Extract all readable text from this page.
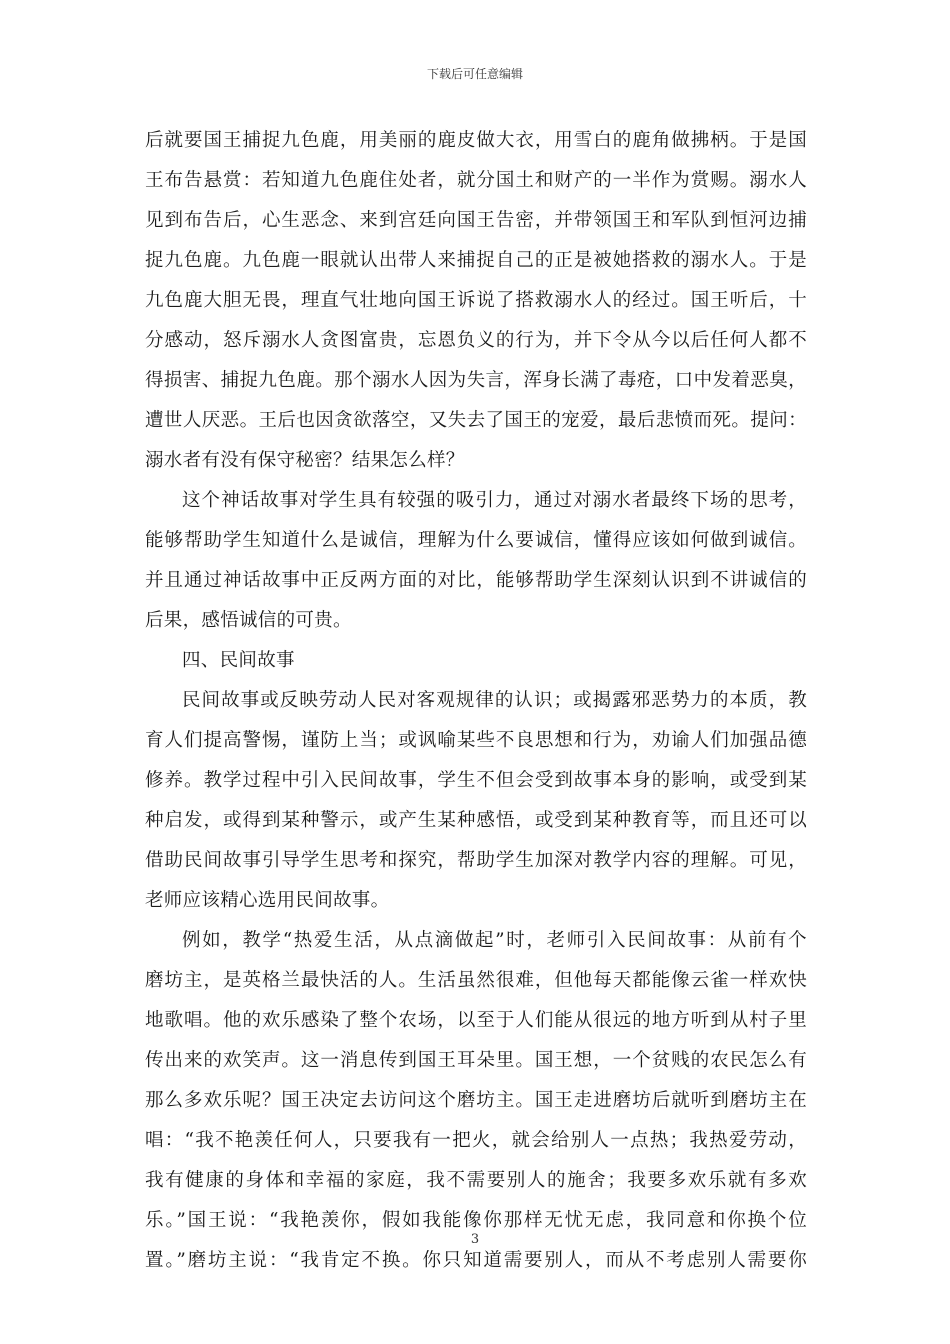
下载后可任意编辑
后就要国王捕捉九色鹿，用美丽的鹿皮做大衣，用雪白的鹿角做拂柄。于是国
王布告悬赏：若知道九色鹿住处者，就分国土和财产的一半作为赏赐。溺水人
见到布告后，心生恶念、来到宫廷向国王告密，并带领国王和军队到恒河边捕
捉九色鹿。九色鹿一眼就认出带人来捕捉自己的正是被她搭救的溺水人。于是
九色鹿大胆无畏，理直气壮地向国王诉说了搭救溺水人的经过。国王听后，十
分感动，怒斥溺水人贪图富贵，忘恩负义的行为，并下令从今以后任何人都不
得损害、捕捉九色鹿。那个溺水人因为失言，浑身长满了毒疮，口中发着恶臭，
遭世人厌恶。王后也因贪欲落空，又失去了国王的宠爱，最后悲愤而死。提问：
溺水者有没有保守秘密？结果怎么样？
这个神话故事对学生具有较强的吸引力，通过对溺水者最终下场的思考，
能够帮助学生知道什么是诚信，理解为什么要诚信，懂得应该如何做到诚信。
并且通过神话故事中正反两方面的对比，能够帮助学生深刻认识到不讲诚信的
后果，感悟诚信的可贵。
四、民间故事
民间故事或反映劳动人民对客观规律的认识；或揭露邪恶势力的本质，教
育人们提高警惕，谨防上当；或讽喻某些不良思想和行为，劝谕人们加强品德
修养。教学过程中引入民间故事，学生不但会受到故事本身的影响，或受到某
种启发，或得到某种警示，或产生某种感悟，或受到某种教育等，而且还可以
借助民间故事引导学生思考和探究，帮助学生加深对教学内容的理解。可见，
老师应该精心选用民间故事。
例如，教学“热爱生活，从点滴做起”时，老师引入民间故事：从前有个
磨坊主，是英格兰最快活的人。生活虽然很难，但他每天都能像云雀一样欢快
地歌唱。他的欢乐感染了整个农场，以至于人们能从很远的地方听到从村子里
传出来的欢笑声。这一消息传到国王耳朵里。国王想，一个贫贱的农民怎么有
那么多欢乐呢？国王决定去访问这个磨坊主。国王走进磨坊后就听到磨坊主在
唱：“我不艳羡任何人，只要我有一把火，就会给别人一点热；我热爱劳动，
我有健康的身体和幸福的家庭，我不需要别人的施舍；我要多欢乐就有多欢
乐。”国王说：“我艳羡你，假如我能像你那样无忧无虑，我同意和你换个位
置。”磨坊主说：“我肯定不换。你只知道需要别人，而从不考虑别人需要你
3
